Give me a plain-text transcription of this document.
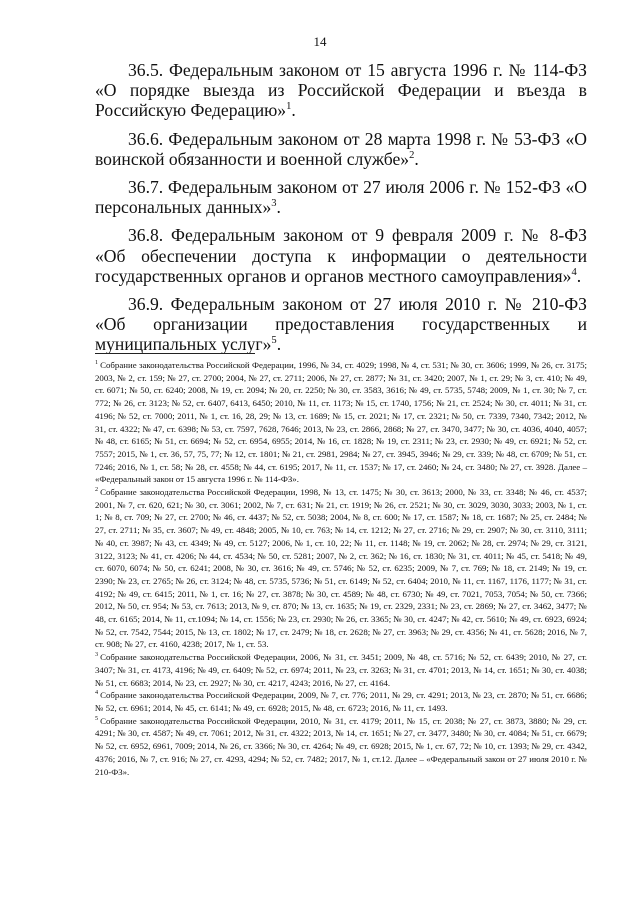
14

36.5. Федеральным законом от 15 августа 1996 г. № 114-ФЗ «О порядке выезда из Российской Федерации и въезда в Российскую Федерацию»$^1$.

36.6. Федеральным законом от 28 марта 1998 г. № 53-ФЗ «О воинской обязанности и военной службе»$^2$.

36.7. Федеральным законом от 27 июля 2006 г. № 152-ФЗ «О персональных данных»$^3$.

36.8. Федеральным законом от 9 февраля 2009 г. № 8-ФЗ «Об обеспечении доступа к информации о деятельности государственных органов и органов местного самоуправления»$^4$.

36.9. Федеральным законом от 27 июля 2010 г. № 210-ФЗ «Об организации предоставления государственных и муниципальных услуг»$^5$.

$^1$ Собрание законодательства Российской Федерации, 1996, № 34, ст. 4029; 1998, № 4, ст. 531; № 30, ст. 3606; 1999, № 26, ст. 3175; 2003, № 2, ст. 159; № 27, ст. 2700; 2004, № 27, ст. 2711; 2006, № 27, ст. 2877; № 31, ст. 3420; 2007, № 1, ст. 29; № 3, ст. 410; № 49, ст. 6071; № 50, ст. 6240; 2008, № 19, ст. 2094; № 20, ст. 2250; № 30, ст. 3583, 3616; № 49, ст. 5735, 5748; 2009, № 1, ст. 30; № 7, ст. 772; № 26, ст. 3123; № 52, ст. 6407, 6413, 6450; 2010, № 11, ст. 1173; № 15, ст. 1740, 1756; № 21, ст. 2524; № 30, ст. 4011; № 31, ст. 4196; № 52, ст. 7000; 2011, № 1, ст. 16, 28, 29; № 13, ст. 1689; № 15, ст. 2021; № 17, ст. 2321; № 50, ст. 7339, 7340, 7342; 2012, № 31, ст. 4322; № 47, ст. 6398; № 53, ст. 7597, 7628, 7646; 2013, № 23, ст. 2866, 2868; № 27, ст. 3470, 3477; № 30, ст. 4036, 4040, 4057; № 48, ст. 6165; № 51, ст. 6694; № 52, ст. 6954, 6955; 2014, № 16, ст. 1828; № 19, ст. 2311; № 23, ст. 2930; № 49, ст. 6921; № 52, ст. 7557; 2015, № 1, ст. 36, 57, 75, 77; № 12, ст. 1801; № 21, ст. 2981, 2984; № 27, ст. 3945, 3946; № 29, ст. 339; № 48, ст. 6709; № 51, ст. 7246; 2016, № 1, ст. 58; № 28, ст. 4558; № 44, ст. 6195; 2017, № 11, ст. 1537; № 17, ст. 2460; № 24, ст. 3480; № 27, ст. 3928. Далее – «Федеральный закон от 15 августа 1996 г. № 114-ФЗ».

$^2$ Собрание законодательства Российской Федерации, 1998, № 13, ст. 1475; № 30, ст. 3613; 2000, № 33, ст. 3348; № 46, ст. 4537; 2001, № 7, ст. 620, 621; № 30, ст. 3061; 2002, № 7, ст. 631; № 21, ст. 1919; № 26, ст. 2521; № 30, ст. 3029, 3030, 3033; 2003, № 1, ст. 1; № 8, ст. 709; № 27, ст. 2700; № 46, ст. 4437; № 52, ст. 5038; 2004, № 8, ст. 600; № 17, ст. 1587; № 18, ст. 1687; № 25, ст. 2484; № 27, ст. 2711; № 35, ст. 3607; № 49, ст. 4848; 2005, № 10, ст. 763; № 14, ст. 1212; № 27, ст. 2716; № 29, ст. 2907; № 30, ст. 3110, 3111; № 40, ст. 3987; № 43, ст. 4349; № 49, ст. 5127; 2006, № 1, ст. 10, 22; № 11, ст. 1148; № 19, ст. 2062; № 28, ст. 2974; № 29, ст. 3121, 3122, 3123; № 41, ст. 4206; № 44, ст. 4534; № 50, ст. 5281; 2007, № 2, ст. 362; № 16, ст. 1830; № 31, ст. 4011; № 45, ст. 5418; № 49, ст. 6070, 6074; № 50, ст. 6241; 2008, № 30, ст. 3616; № 49, ст. 5746; № 52, ст. 6235; 2009, № 7, ст. 769; № 18, ст. 2149; № 19, ст. 2390; № 23, ст. 2765; № 26, ст. 3124; № 48, ст. 5735, 5736; № 51, ст. 6149; № 52, ст. 6404; 2010, № 11, ст. 1167, 1176, 1177; № 31, ст. 4192; № 49, ст. 6415; 2011, № 1, ст. 16; № 27, ст. 3878; № 30, ст. 4589; № 48, ст. 6730; № 49, ст. 7021, 7053, 7054; № 50, ст. 7366; 2012, № 50, ст. 954; № 53, ст. 7613; 2013, № 9, ст. 870; № 13, ст. 1635; № 19, ст. 2329, 2331; № 23, ст. 2869; № 27, ст. 3462, 3477; № 48, ст. 6165; 2014, № 11, ст.1094; № 14, ст. 1556; № 23, ст. 2930; № 26, ст. 3365; № 30, ст. 4247; № 42, ст. 5610; № 49, ст. 6923, 6924; № 52, ст. 7542, 7544; 2015, № 13, ст. 1802; № 17, ст. 2479; № 18, ст. 2628; № 27, ст. 3963; № 29, ст. 4356; № 41, ст. 5628; 2016, № 7, ст. 908; № 27, ст. 4160, 4238; 2017, № 1, ст. 53.

$^3$ Собрание законодательства Российской Федерации, 2006, № 31, ст. 3451; 2009, № 48, ст. 5716; № 52, ст. 6439; 2010, № 27, ст. 3407; № 31, ст. 4173, 4196; № 49, ст. 6409; № 52, ст. 6974; 2011, № 23, ст. 3263; № 31, ст. 4701; 2013, № 14, ст. 1651; № 30, ст. 4038; № 51, ст. 6683; 2014, № 23, ст. 2927; № 30, ст. 4217, 4243; 2016, № 27, ст. 4164.

$^4$ Собрание законодательства Российской Федерации, 2009, № 7, ст. 776; 2011, № 29, ст. 4291; 2013, № 23, ст. 2870; № 51, ст. 6686; № 52, ст. 6961; 2014, № 45, ст. 6141; № 49, ст. 6928; 2015, № 48, ст. 6723; 2016, № 11, ст. 1493.

$^5$ Собрание законодательства Российской Федерации, 2010, № 31, ст. 4179; 2011, № 15, ст. 2038; № 27, ст. 3873, 3880; № 29, ст. 4291; № 30, ст. 4587; № 49, ст. 7061; 2012, № 31, ст. 4322; 2013, № 14, ст. 1651; № 27, ст. 3477, 3480; № 30, ст. 4084; № 51, ст. 6679; № 52, ст. 6952, 6961, 7009; 2014, № 26, ст. 3366; № 30, ст. 4264; № 49, ст. 6928; 2015, № 1, ст. 67, 72; № 10, ст. 1393; № 29, ст. 4342, 4376; 2016, № 7, ст. 916; № 27, ст. 4293, 4294; № 52, ст. 7482; 2017, № 1, ст.12. Далее – «Федеральный закон от 27 июля 2010 г. № 210-ФЗ».
